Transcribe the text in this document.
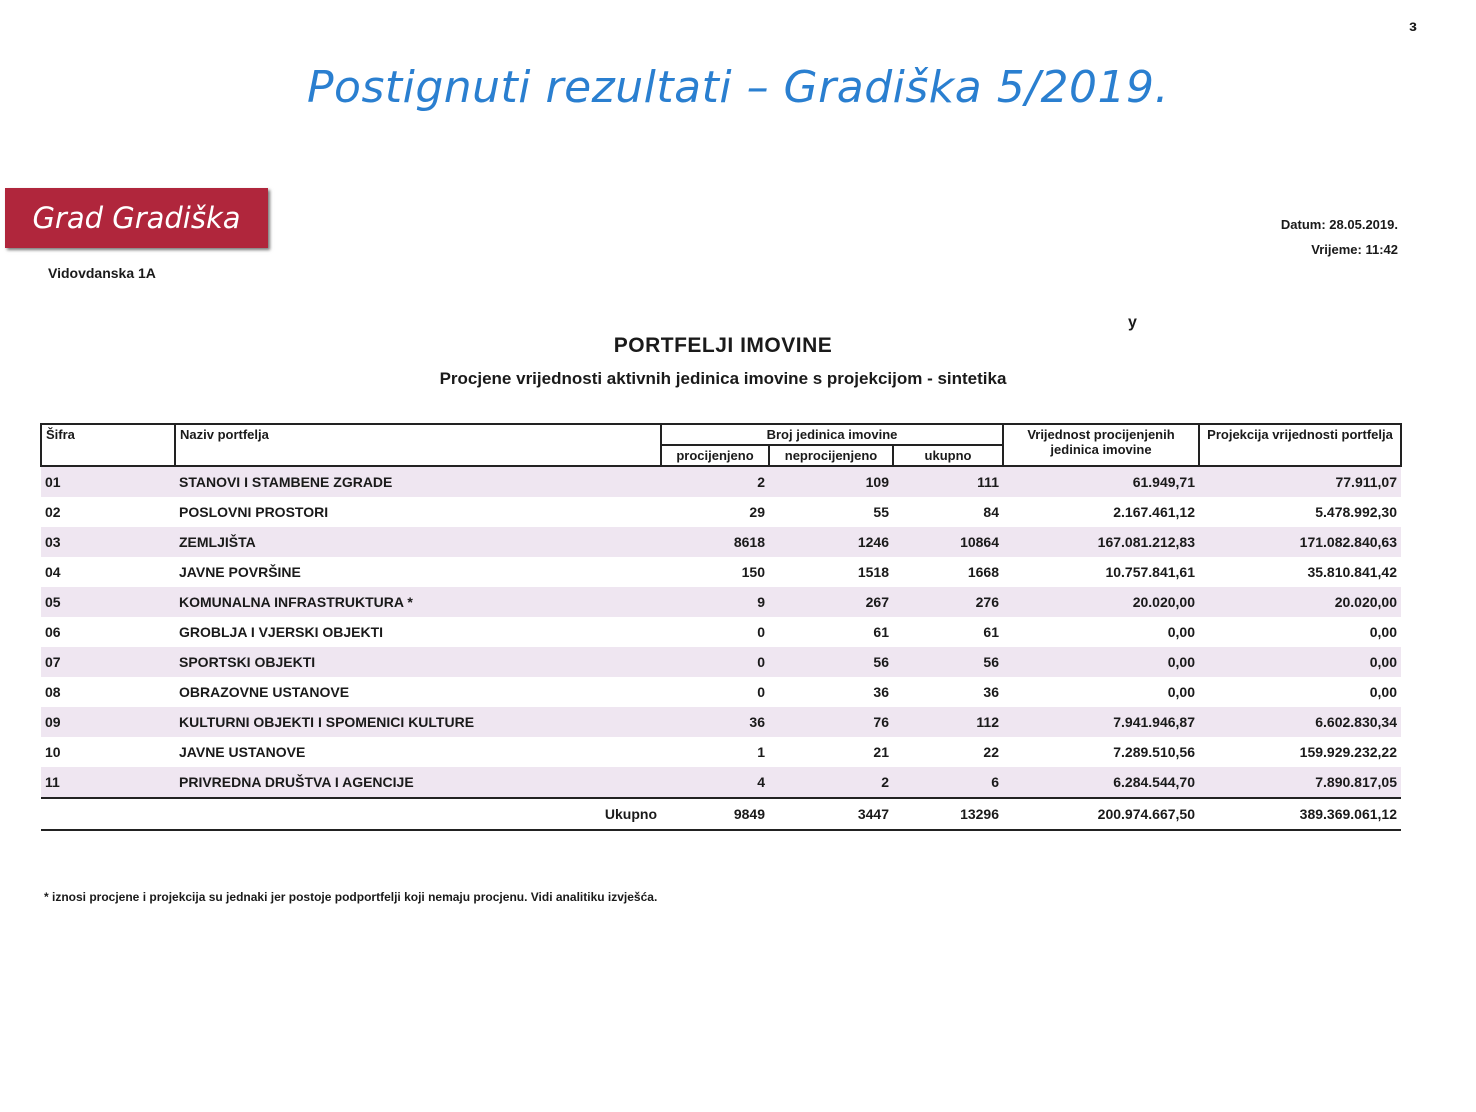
Postignuti rezultati – Gradiška 5/2019.
ᴈ
Grad Gradiška
Vidovdanska 1A
Datum: 28.05.2019.
Vrijeme: 11:42
y
PORTFELJI IMOVINE
Procjene vrijednosti aktivnih jedinica imovine s projekcijom - sintetika
Šifra	Naziv portfelja	Broj jedinica imovine			Vrijednost procijenjenih jedinica imovine	Projekcija vrijednosti portfelja
		procijenjeno	neprocijenjeno	ukupno		
01	STANOVI I STAMBENE ZGRADE	2	109	111	61.949,71	77.911,07
02	POSLOVNI PROSTORI	29	55	84	2.167.461,12	5.478.992,30
03	ZEMLJIŠTA	8618	1246	10864	167.081.212,83	171.082.840,63
04	JAVNE POVRŠINE	150	1518	1668	10.757.841,61	35.810.841,42
05	KOMUNALNA INFRASTRUKTURA *	9	267	276	20.020,00	20.020,00
06	GROBLJA I VJERSKI OBJEKTI	0	61	61	0,00	0,00
07	SPORTSKI OBJEKTI	0	56	56	0,00	0,00
08	OBRAZOVNE USTANOVE	0	36	36	0,00	0,00
09	KULTURNI OBJEKTI I SPOMENICI KULTURE	36	76	112	7.941.946,87	6.602.830,34
10	JAVNE USTANOVE	1	21	22	7.289.510,56	159.929.232,22
11	PRIVREDNA DRUŠTVA I AGENCIJE	4	2	6	6.284.544,70	7.890.817,05
	Ukupno	9849	3447	13296	200.974.667,50	389.369.061,12
* iznosi procjene i projekcija su jednaki jer postoje podportfelji koji nemaju procjenu. Vidi analitiku izvješća.
